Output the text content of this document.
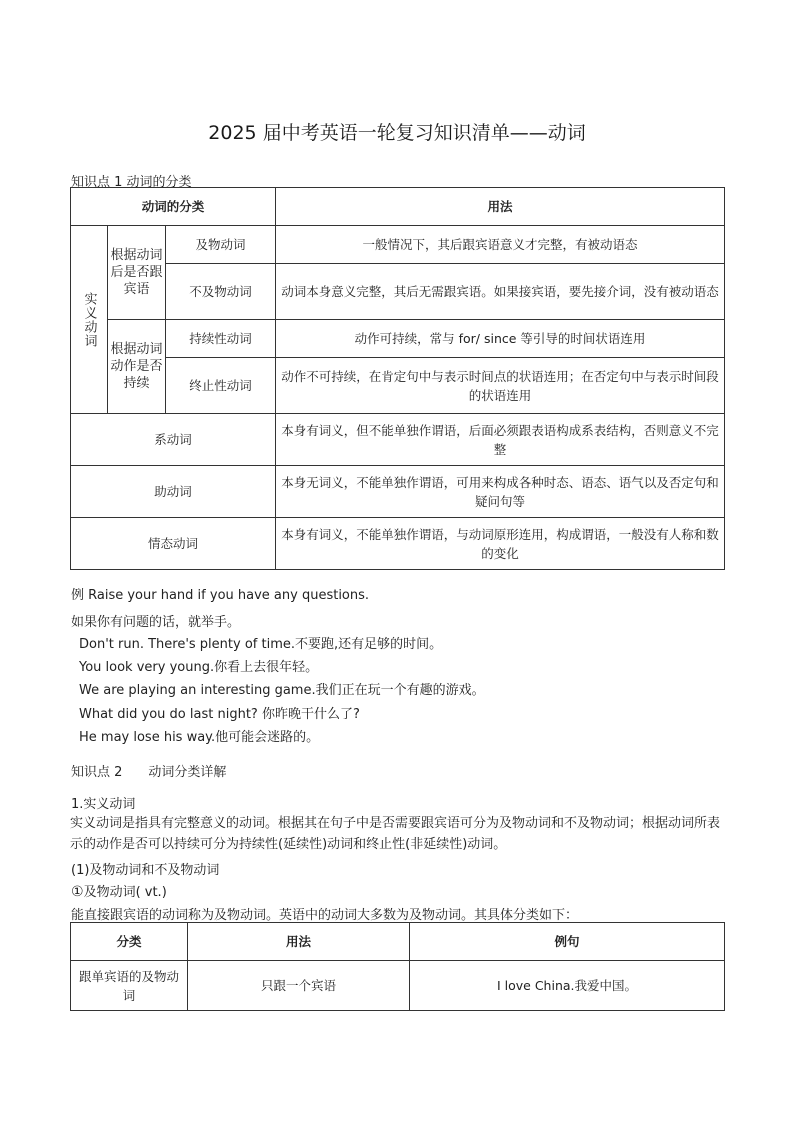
2025 届中考英语一轮复习知识清单——动词
知识点 1 动词的分类
动词的分类			用法
实义动词	根据动词后是否跟宾语	及物动词	一般情况下，其后跟宾语意义才完整，有被动语态
		不及物动词	动词本身意义完整，其后无需跟宾语。如果接宾语，要先接介词，没有被动语态
	根据动词动作是否持续	持续性动词	动作可持续，常与 for/ since 等引导的时间状语连用
		终止性动词	动作不可持续，在肯定句中与表示时间点的状语连用；在否定句中与表示时间段的状语连用
系动词			本身有词义，但不能单独作谓语，后面必须跟表语构成系表结构，否则意义不完整
助动词			本身无词义，不能单独作谓语，可用来构成各种时态、语态、语气以及否定句和疑问句等
情态动词			本身有词义，不能单独作谓语，与动词原形连用，构成谓语，一般没有人称和数的变化
例 Raise your hand if you have any questions.
如果你有问题的话，就举手。
Don't run. There's plenty of time.不要跑,还有足够的时间。
You look very young.你看上去很年轻。
We are playing an interesting game.我们正在玩一个有趣的游戏。
What did you do last night? 你昨晚干什么了?
He may lose his way.他可能会迷路的。
知识点 2　　动词分类详解
1.实义动词
实义动词是指具有完整意义的动词。根据其在句子中是否需要跟宾语可分为及物动词和不及物动词；根据动词所表示的动作是否可以持续可分为持续性(延续性)动词和终止性(非延续性)动词。
(1)及物动词和不及物动词
①及物动词( vt.)
能直接跟宾语的动词称为及物动词。英语中的动词大多数为及物动词。其具体分类如下：
分类	用法	例句
跟单宾语的及物动词	只跟一个宾语	I love China.我爱中国。
